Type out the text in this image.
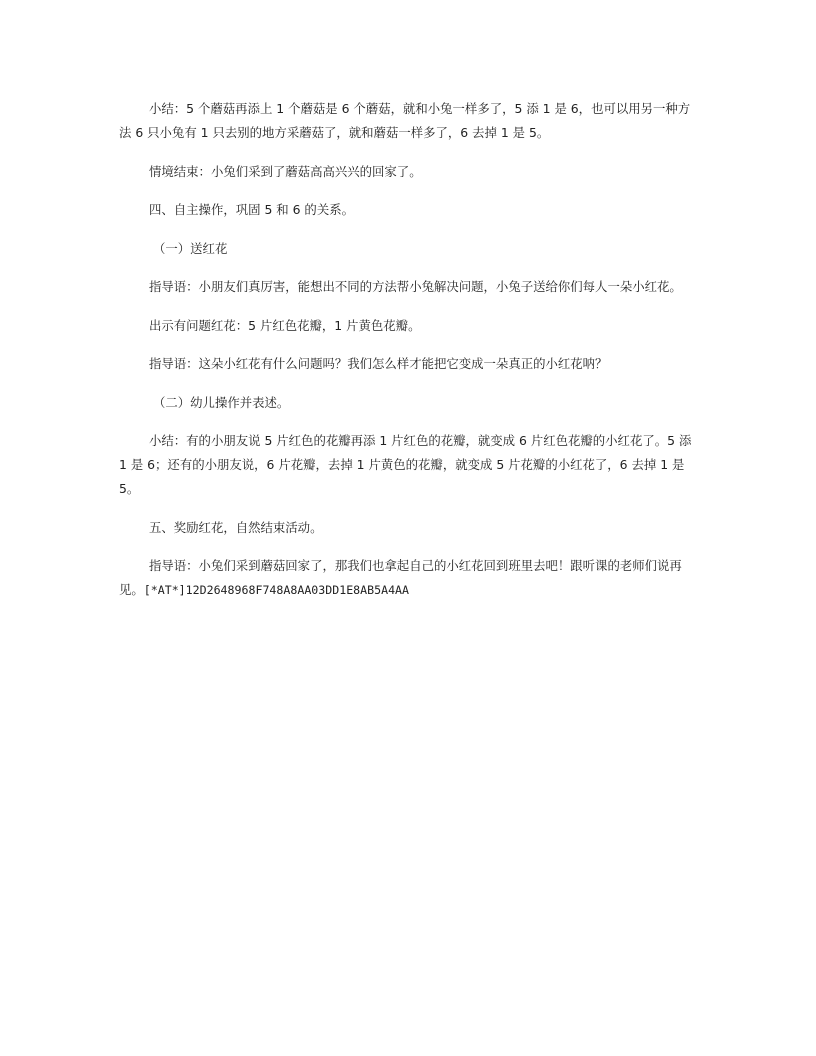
小结：5 个蘑菇再添上 1 个蘑菇是 6 个蘑菇，就和小兔一样多了，5 添 1 是 6，也可以用另一种方法 6 只小兔有 1 只去别的地方采蘑菇了，就和蘑菇一样多了，6 去掉 1 是 5。

情境结束：小兔们采到了蘑菇高高兴兴的回家了。

四、自主操作，巩固 5 和 6 的关系。

（一）送红花

指导语：小朋友们真厉害，能想出不同的方法帮小兔解决问题，小兔子送给你们每人一朵小红花。

出示有问题红花：5 片红色花瓣，1 片黄色花瓣。

指导语：这朵小红花有什么问题吗？我们怎么样才能把它变成一朵真正的小红花呐？

（二）幼儿操作并表述。

小结：有的小朋友说 5 片红色的花瓣再添 1 片红色的花瓣，就变成 6 片红色花瓣的小红花了。5 添 1 是 6；还有的小朋友说，6 片花瓣，去掉 1 片黄色的花瓣，就变成 5 片花瓣的小红花了，6 去掉 1 是 5。

五、奖励红花，自然结束活动。

指导语：小兔们采到蘑菇回家了，那我们也拿起自己的小红花回到班里去吧！跟听课的老师们说再见。[*AT*]12D2648968F748A8AA03DD1E8AB5A4AA
